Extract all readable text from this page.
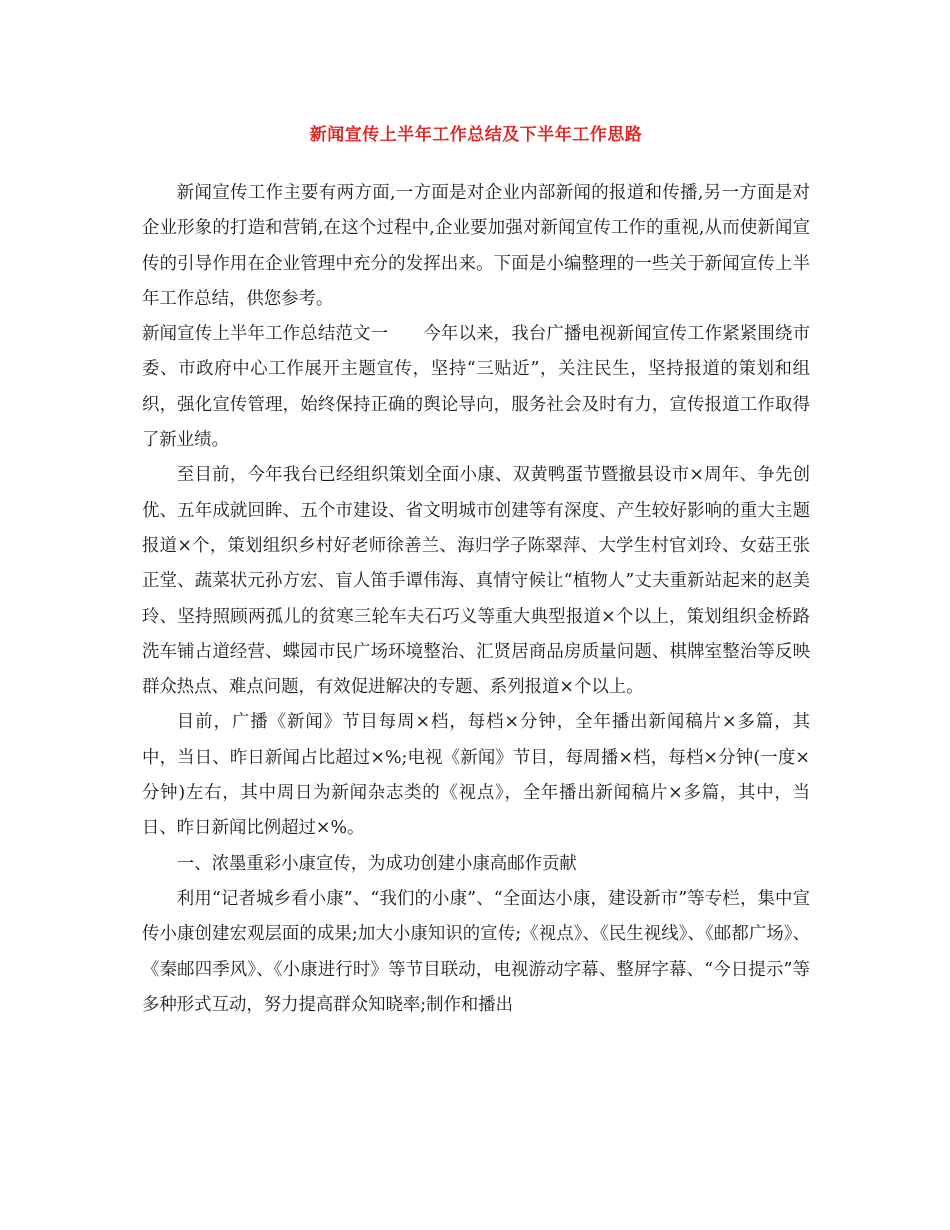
新闻宣传上半年工作总结及下半年工作思路

新闻宣传工作主要有两方面,一方面是对企业内部新闻的报道和传播,另一方面是对企业形象的打造和营销,在这个过程中,企业要加强对新闻宣传工作的重视,从而使新闻宣传的引导作用在企业管理中充分的发挥出来。下面是小编整理的一些关于新闻宣传上半年工作总结，供您参考。

新闻宣传上半年工作总结范文一　　今年以来，我台广播电视新闻宣传工作紧紧围绕市委、市政府中心工作展开主题宣传，坚持“三贴近”，关注民生，坚持报道的策划和组织，强化宣传管理，始终保持正确的舆论导向，服务社会及时有力，宣传报道工作取得了新业绩。

至目前，今年我台已经组织策划全面小康、双黄鸭蛋节暨撤县设市×周年、争先创优、五年成就回眸、五个市建设、省文明城市创建等有深度、产生较好影响的重大主题报道×个，策划组织乡村好老师徐善兰、海归学子陈翠萍、大学生村官刘玲、女菇王张正堂、蔬菜状元孙方宏、盲人笛手谭伟海、真情守候让“植物人”丈夫重新站起来的赵美玲、坚持照顾两孤儿的贫寒三轮车夫石巧义等重大典型报道×个以上，策划组织金桥路洗车铺占道经营、蝶园市民广场环境整治、汇贤居商品房质量问题、棋牌室整治等反映群众热点、难点问题，有效促进解决的专题、系列报道×个以上。

目前，广播《新闻》节目每周×档，每档×分钟，全年播出新闻稿片×多篇，其中，当日、昨日新闻占比超过×%;电视《新闻》节目，每周播×档，每档×分钟(一度×分钟)左右，其中周日为新闻杂志类的《视点》，全年播出新闻稿片×多篇，其中，当日、昨日新闻比例超过×%。

一、浓墨重彩小康宣传，为成功创建小康高邮作贡献

利用“记者城乡看小康”、“我们的小康”、“全面达小康，建设新市”等专栏，集中宣传小康创建宏观层面的成果;加大小康知识的宣传;《视点》、《民生视线》、《邮都广场》、《秦邮四季风》、《小康进行时》等节目联动，电视游动字幕、整屏字幕、“今日提示”等多种形式互动，努力提高群众知晓率;制作和播出
